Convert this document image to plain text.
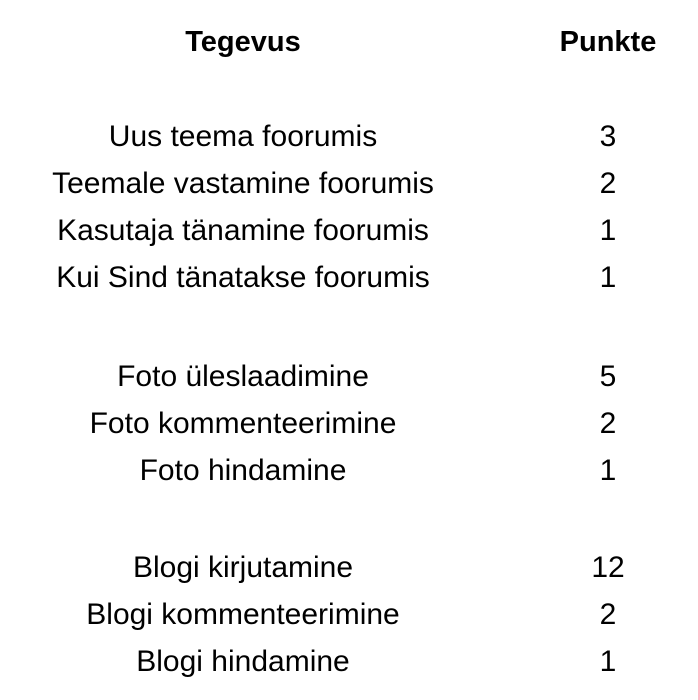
Tegevus	Punkte
Uus teema foorumis	3
Teemale vastamine foorumis	2
Kasutaja tänamine foorumis	1
Kui Sind tänatakse foorumis	1
Foto üleslaadimine	5
Foto kommenteerimine	2
Foto hindamine	1
Blogi kirjutamine	12
Blogi kommenteerimine	2
Blogi hindamine	1
